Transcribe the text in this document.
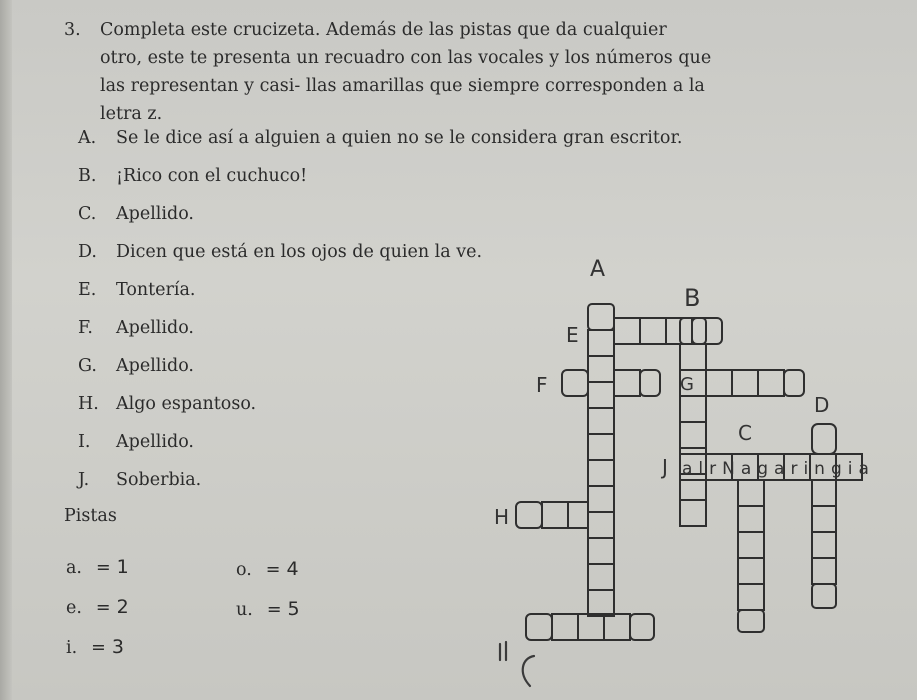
3.	Completa este crucizeta. Además de las pistas que da cualquier otro, este te presenta un recuadro con las vocales y los números que las representan y casi- llas amarillas que siempre corresponden a la letra z.
A. Se le dice así a alguien a quien no se le considera gran escritor.
B. ¡Rico con el cuchuco!
C. Apellido.
D. Dicen que está en los ojos de quien la ve.
E. Tontería.
F. Apellido.
G. Apellido.
H. Algo espantoso.
I. Apellido.
J. Soberbia.
Pistas
a. = 1	o. = 4
e. = 2	u. = 5
i. = 3
A
B
E
F
D
C
J alrNagaringia
G
H
